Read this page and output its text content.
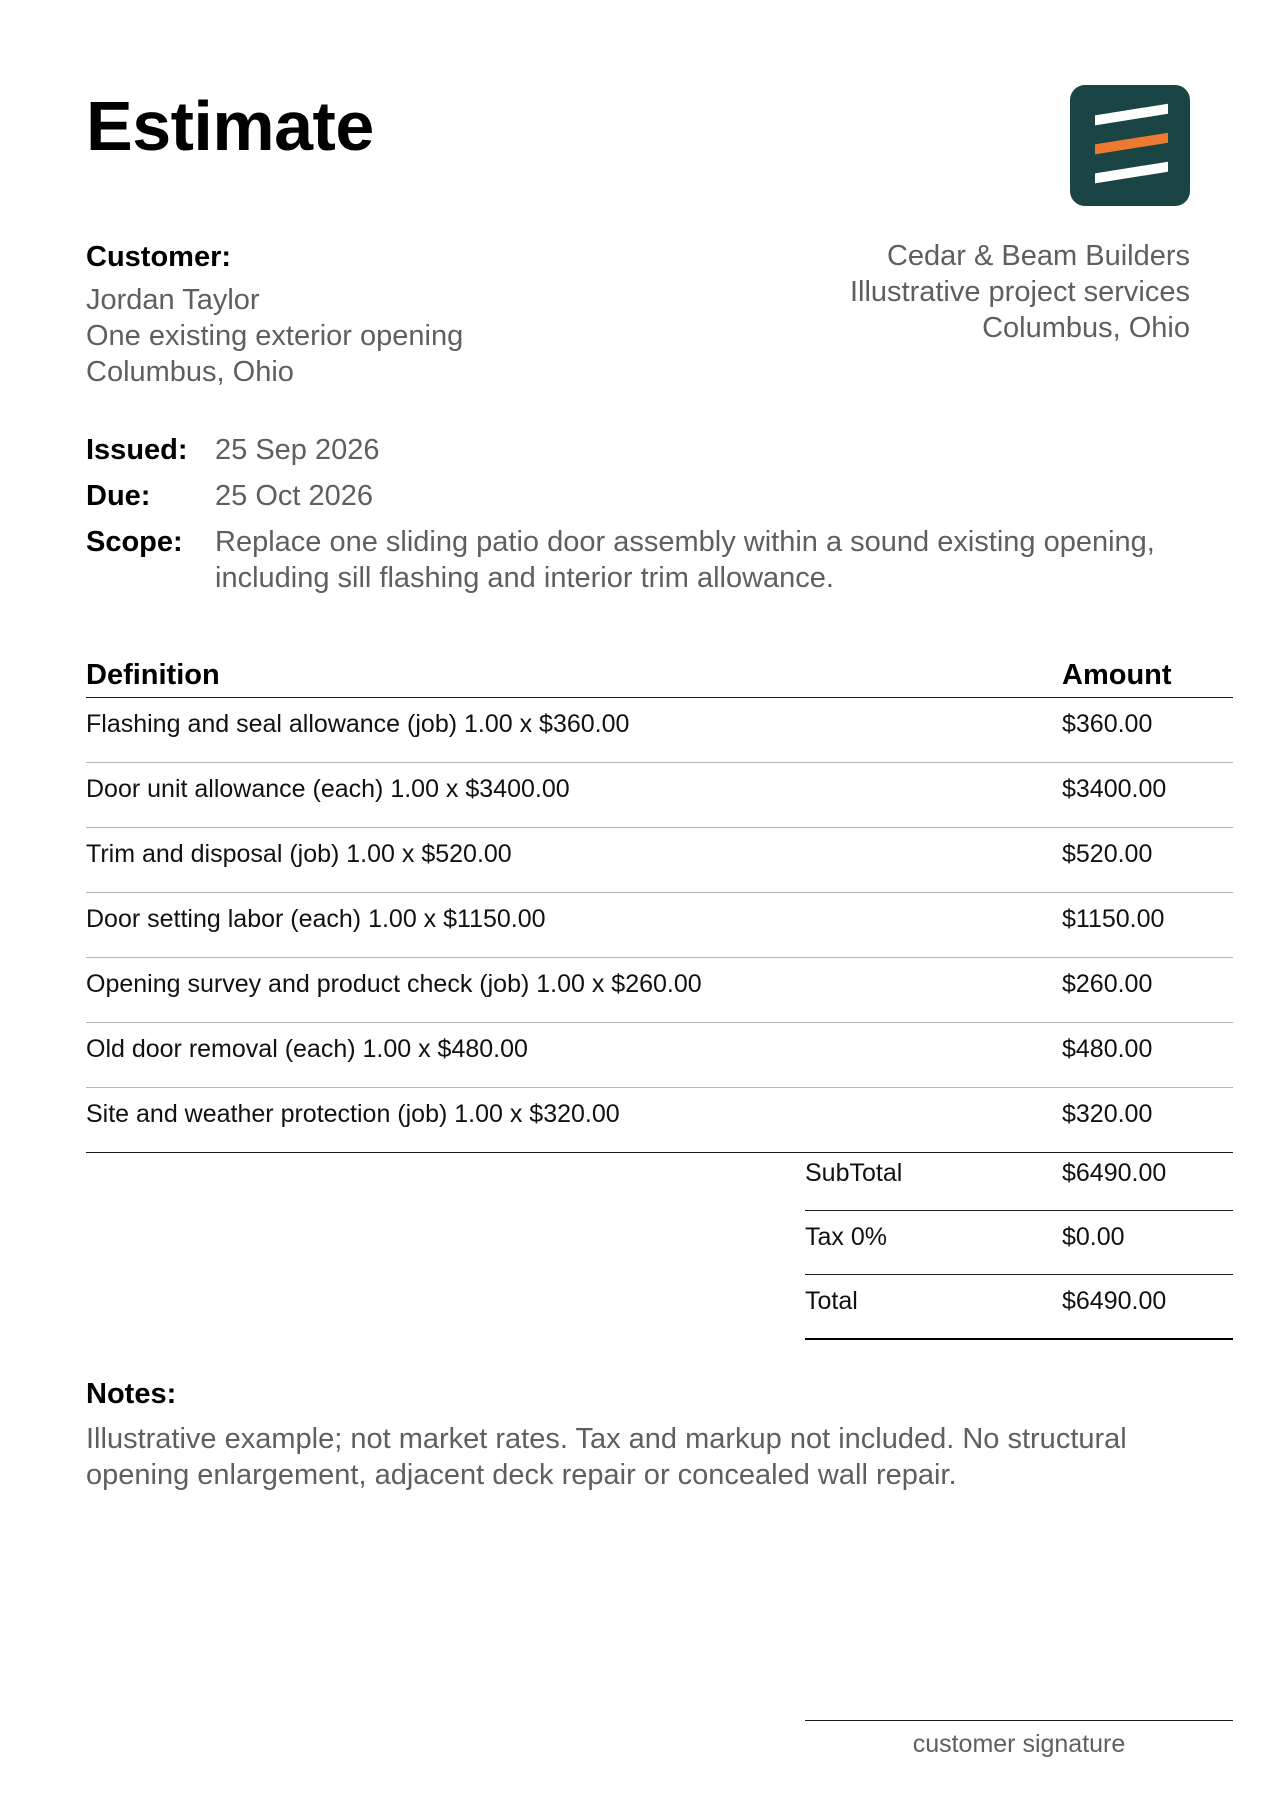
Estimate
Customer:
Jordan Taylor
One existing exterior opening
Columbus, Ohio
Cedar & Beam Builders
Illustrative project services
Columbus, Ohio
Issued: 25 Sep 2026
Due:	25 Oct 2026
Scope:	Replace one sliding patio door assembly within a sound existing opening, including sill flashing and interior trim allowance.
Definition	Amount
Flashing and seal allowance (job) 1.00 x $360.00	$360.00
Door unit allowance (each) 1.00 x $3400.00	$3400.00
Trim and disposal (job) 1.00 x $520.00	$520.00
Door setting labor (each) 1.00 x $1150.00	$1150.00
Opening survey and product check (job) 1.00 x $260.00	$260.00
Old door removal (each) 1.00 x $480.00	$480.00
Site and weather protection (job) 1.00 x $320.00	$320.00
SubTotal	$6490.00
Tax 0%	$0.00
Total	$6490.00
Notes:
Illustrative example; not market rates. Tax and markup not included. No structural opening enlargement, adjacent deck repair or concealed wall repair.
customer signature
